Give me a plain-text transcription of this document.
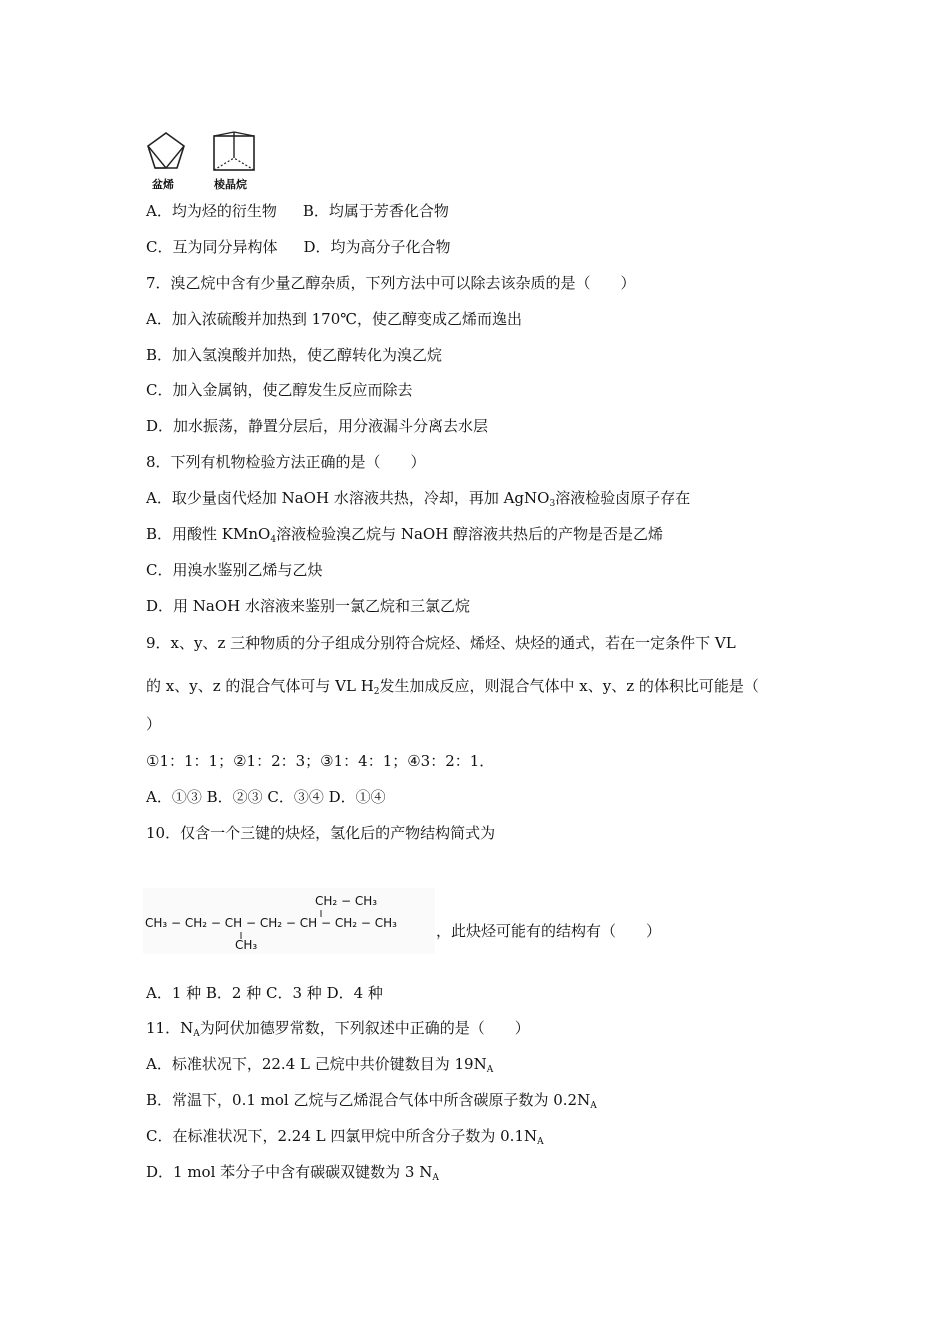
盆烯	棱晶烷
A．均为烃的衍生物 B．均属于芳香化合物
C．互为同分异构体 D．均为高分子化合物
7．溴乙烷中含有少量乙醇杂质，下列方法中可以除去该杂质的是（　　）
A．加入浓硫酸并加热到 170℃，使乙醇变成乙烯而逸出
B．加入氢溴酸并加热，使乙醇转化为溴乙烷
C．加入金属钠，使乙醇发生反应而除去
D．加水振荡，静置分层后，用分液漏斗分离去水层
8．下列有机物检验方法正确的是（　　）
A．取少量卤代烃加 NaOH 水溶液共热，冷却，再加 AgNO$_3$溶液检验卤原子存在
B．用酸性 KMnO$_4$溶液检验溴乙烷与 NaOH 醇溶液共热后的产物是否是乙烯
C．用溴水鉴别乙烯与乙炔
D．用 NaOH 水溶液来鉴别一氯乙烷和三氯乙烷
9．x、y、z 三种物质的分子组成分别符合烷烃、烯烃、炔烃的通式，若在一定条件下 VL
的 x、y、z 的混合气体可与 VL $H_2$发生加成反应，则混合气体中 x、y、z 的体积比可能是（
）
①1：1：1；②1：2：3；③1：4：1；④3：2：1．
A．①③ B．②③ C．③④ D．①④
10．仅含一个三键的炔烃，氢化后的产物结构简式为
CH₂ − CH₃
CH₃ − CH₂ − CH − CH₂ − CH − CH₂ − CH₃
CH₃
，此炔烃可能有的结构有（　　）
A．1 种 B．2 种 C．3 种 D．4 种
11．$N_A$为阿伏加德罗常数，下列叙述中正确的是（　　）
A．标准状况下，22.4 L 己烷中共价键数目为 $19N_A$
B．常温下，0.1 mol 乙烷与乙烯混合气体中所含碳原子数为 $0.2N_A$
C．在标准状况下，2.24 L 四氯甲烷中所含分子数为 $0.1N_A$
D．1 mol 苯分子中含有碳碳双键数为 3 $N_A$
